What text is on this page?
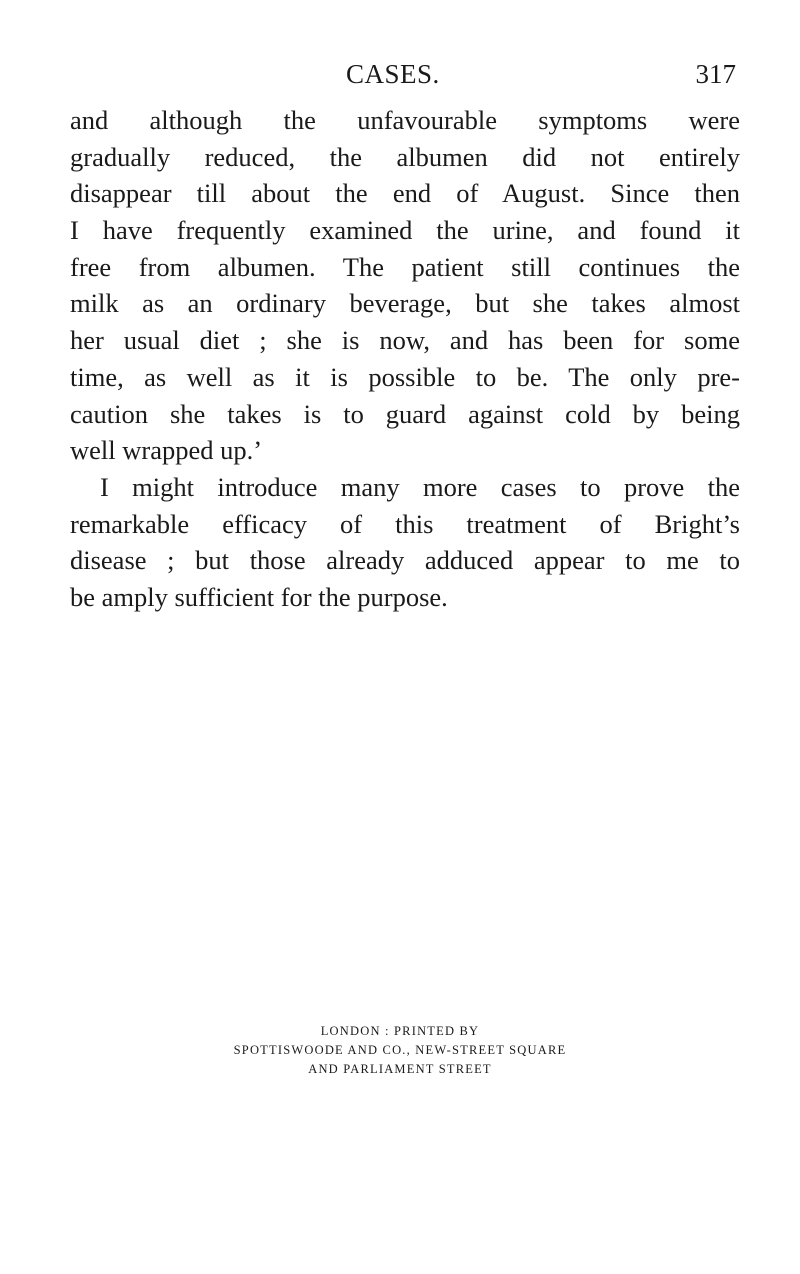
CASES.	317
and although the unfavourable symptoms were
gradually reduced, the albumen did not entirely
disappear till about the end of August. Since then
I have frequently examined the urine, and found it
free from albumen. The patient still continues the
milk as an ordinary beverage, but she takes almost
her usual diet ; she is now, and has been for some
time, as well as it is possible to be. The only pre-
caution she takes is to guard against cold by being
well wrapped up.’
I might introduce many more cases to prove the
remarkable efficacy of this treatment of Bright’s
disease ; but those already adduced appear to me to
be amply sufficient for the purpose.
LONDON : PRINTED BY
SPOTTISWOODE AND CO., NEW-STREET SQUARE
AND PARLIAMENT STREET
